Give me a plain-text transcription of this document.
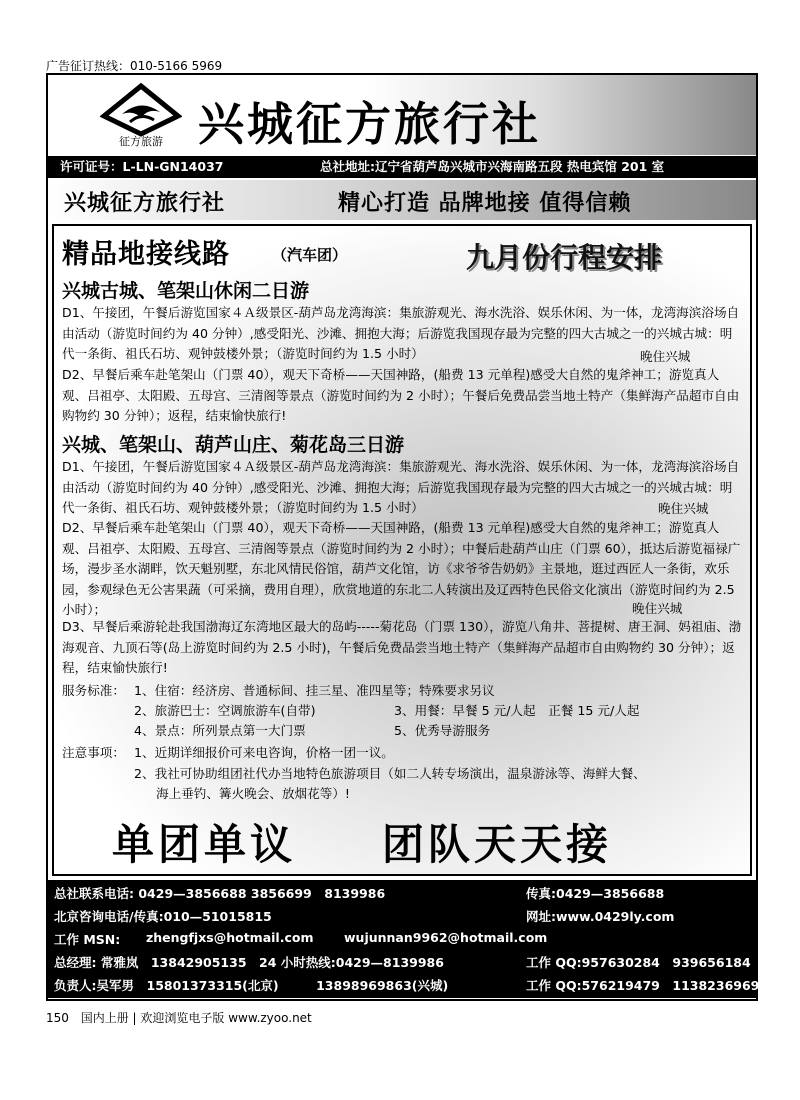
广告征订热线：010-5166 5969
征方旅游 兴城征方旅行社
许可证号：L-LN-GN14037	总社地址:辽宁省葫芦岛兴城市兴海南路五段 热电宾馆 201 室
兴城征方旅行社	精心打造 品牌地接 值得信赖
精品地接线路	（汽车团）	九月份行程安排
兴城古城、笔架山休闲二日游
D1、午接团，午餐后游览国家４Ａ级景区-葫芦岛龙湾海滨：集旅游观光、海水洗浴、娱乐休闲、为一体，龙湾海滨浴场自由活动（游览时间约为 40 分钟）,感受阳光、沙滩、拥抱大海；后游览我国现存最为完整的四大古城之一的兴城古城：明代一条街、祖氏石坊、观钟鼓楼外景；（游览时间约为 1.5 小时）	晚住兴城
D2、早餐后乘车赴笔架山（门票 40），观天下奇桥——天国神路，(船费 13 元单程)感受大自然的鬼斧神工；游览真人观、吕祖亭、太阳殿、五母宫、三清阁等景点（游览时间约为 2 小时）；午餐后免费品尝当地土特产（集鲜海产品超市自由购物约 30 分钟）；返程，结束愉快旅行!
兴城、笔架山、葫芦山庄、菊花岛三日游
D1、午接团，午餐后游览国家４Ａ级景区-葫芦岛龙湾海滨：集旅游观光、海水洗浴、娱乐休闲、为一体，龙湾海滨浴场自由活动（游览时间约为 40 分钟）,感受阳光、沙滩、拥抱大海；后游览我国现存最为完整的四大古城之一的兴城古城：明代一条街、祖氏石坊、观钟鼓楼外景；（游览时间约为 1.5 小时）	晚住兴城
D2、早餐后乘车赴笔架山（门票 40），观天下奇桥——天国神路，(船费 13 元单程)感受大自然的鬼斧神工；游览真人观、吕祖亭、太阳殿、五母宫、三清阁等景点（游览时间约为 2 小时）；中餐后赴葫芦山庄（门票 60），抵达后游览福禄广场，漫步圣水湖畔，饮天魁别墅，东北风情民俗馆，葫芦文化馆，访《求爷爷告奶奶》主景地，逛过西匠人一条街，欢乐园，参观绿色无公害果蔬（可采摘，费用自理），欣赏地道的东北二人转演出及辽西特色民俗文化演出（游览时间约为 2.5 小时）；	晚住兴城
D3、早餐后乘游轮赴我国渤海辽东湾地区最大的岛屿-----菊花岛（门票 130），游览八角井、菩提树、唐王洞、妈祖庙、渤海观音、九顶石等(岛上游览时间约为 2.5 小时)，午餐后免费品尝当地土特产（集鲜海产品超市自由购物约 30 分钟）；返程，结束愉快旅行!
服务标准： 1、住宿：经济房、普通标间、挂三星、准四星等；特殊要求另议
2、旅游巴士：空调旅游车(自带)	3、用餐：早餐 5 元/人起　正餐 15 元/人起
4、景点：所列景点第一大门票	5、优秀导游服务
注意事项： 1、近期详细报价可来电咨询，价格一团一议。
2、我社可协助组团社代办当地特色旅游项目（如二人转专场演出，温泉游泳等、海鲜大餐、
海上垂钓、篝火晚会、放烟花等）!
单团单议 团队天天接
总社联系电话: 0429—3856688 3856699　8139986	传真:0429—3856688
北京咨询电话/传真:010—51015815	网址:www.0429ly.com
工作 MSN: zhengfjxs@hotmail.com wujunnan9962@hotmail.com
总经理: 常雅岚　13842905135　24 小时热线:0429—8139986	工作 QQ:957630284　939656184
负责人:吴军男　15801373315(北京)　　　13898969863(兴城)	工作 QQ:576219479　1138236969
150 国内上册 | 欢迎浏览电子版 www.zyoo.net
